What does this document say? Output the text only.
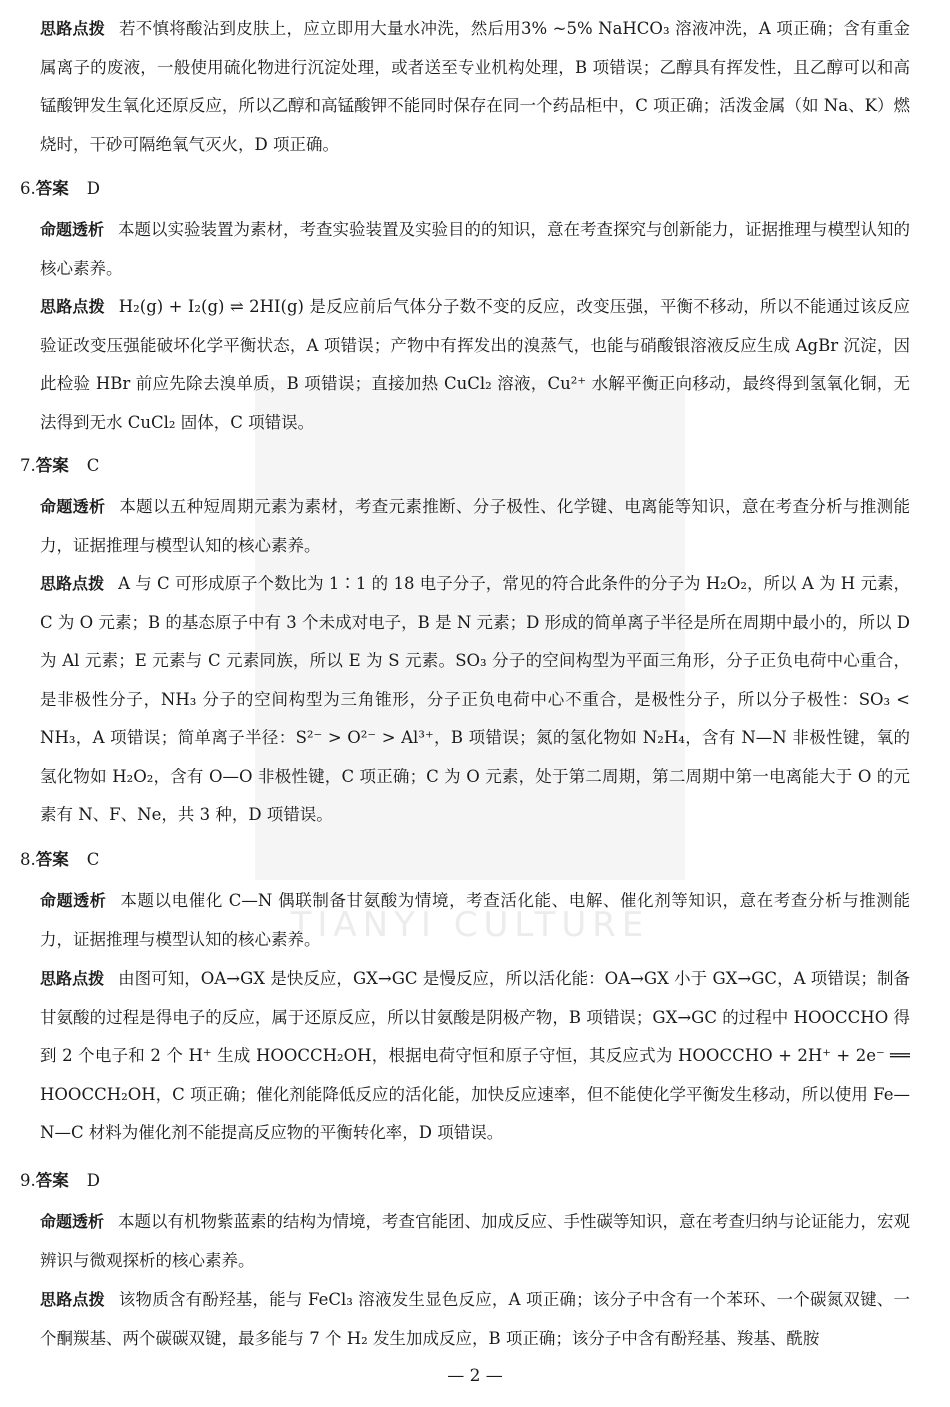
TIANYI CULTURE
思路点拨 若不慎将酸沾到皮肤上，应立即用大量水冲洗，然后用3% ~5% NaHCO₃ 溶液冲洗，A 项正确；含有重金属离子的废液，一般使用硫化物进行沉淀处理，或者送至专业机构处理，B 项错误；乙醇具有挥发性，且乙醇可以和高锰酸钾发生氧化还原反应，所以乙醇和高锰酸钾不能同时保存在同一个药品柜中，C 项正确；活泼金属（如 Na、K）燃烧时，干砂可隔绝氧气灭火，D 项正确。
6.答案 D
命题透析 本题以实验装置为素材，考查实验装置及实验目的的知识，意在考查探究与创新能力，证据推理与模型认知的核心素养。
思路点拨 H₂(g) + I₂(g) ⇌ 2HI(g) 是反应前后气体分子数不变的反应，改变压强，平衡不移动，所以不能通过该反应验证改变压强能破坏化学平衡状态，A 项错误；产物中有挥发出的溴蒸气，也能与硝酸银溶液反应生成 AgBr 沉淀，因此检验 HBr 前应先除去溴单质，B 项错误；直接加热 CuCl₂ 溶液，Cu²⁺ 水解平衡正向移动，最终得到氢氧化铜，无法得到无水 CuCl₂ 固体，C 项错误。
7.答案 C
命题透析 本题以五种短周期元素为素材，考查元素推断、分子极性、化学键、电离能等知识，意在考查分析与推测能力，证据推理与模型认知的核心素养。
思路点拨 A 与 C 可形成原子个数比为 1∶1 的 18 电子分子，常见的符合此条件的分子为 H₂O₂，所以 A 为 H 元素，C 为 O 元素；B 的基态原子中有 3 个未成对电子，B 是 N 元素；D 形成的简单离子半径是所在周期中最小的，所以 D 为 Al 元素；E 元素与 C 元素同族，所以 E 为 S 元素。SO₃ 分子的空间构型为平面三角形，分子正负电荷中心重合，是非极性分子，NH₃ 分子的空间构型为三角锥形，分子正负电荷中心不重合，是极性分子，所以分子极性：SO₃ < NH₃，A 项错误；简单离子半径：S²⁻ > O²⁻ > Al³⁺，B 项错误；氮的氢化物如 N₂H₄，含有 N—N 非极性键，氧的氢化物如 H₂O₂，含有 O—O 非极性键，C 项正确；C 为 O 元素，处于第二周期，第二周期中第一电离能大于 O 的元素有 N、F、Ne，共 3 种，D 项错误。
8.答案 C
命题透析 本题以电催化 C—N 偶联制备甘氨酸为情境，考查活化能、电解、催化剂等知识，意在考查分析与推测能力，证据推理与模型认知的核心素养。
思路点拨 由图可知，OA→GX 是快反应，GX→GC 是慢反应，所以活化能：OA→GX 小于 GX→GC，A 项错误；制备甘氨酸的过程是得电子的反应，属于还原反应，所以甘氨酸是阴极产物，B 项错误；GX→GC 的过程中 HOOCCHO 得到 2 个电子和 2 个 H⁺ 生成 HOOCCH₂OH，根据电荷守恒和原子守恒，其反应式为 HOOCCHO + 2H⁺ + 2e⁻ ══ HOOCCH₂OH，C 项正确；催化剂能降低反应的活化能，加快反应速率，但不能使化学平衡发生移动，所以使用 Fe—N—C 材料为催化剂不能提高反应物的平衡转化率，D 项错误。
9.答案 D
命题透析 本题以有机物紫蓝素的结构为情境，考查官能团、加成反应、手性碳等知识，意在考查归纳与论证能力，宏观辨识与微观探析的核心素养。
思路点拨 该物质含有酚羟基，能与 FeCl₃ 溶液发生显色反应，A 项正确；该分子中含有一个苯环、一个碳氮双键、一个酮羰基、两个碳碳双键，最多能与 7 个 H₂ 发生加成反应，B 项正确；该分子中含有酚羟基、羧基、酰胺
— 2 —
